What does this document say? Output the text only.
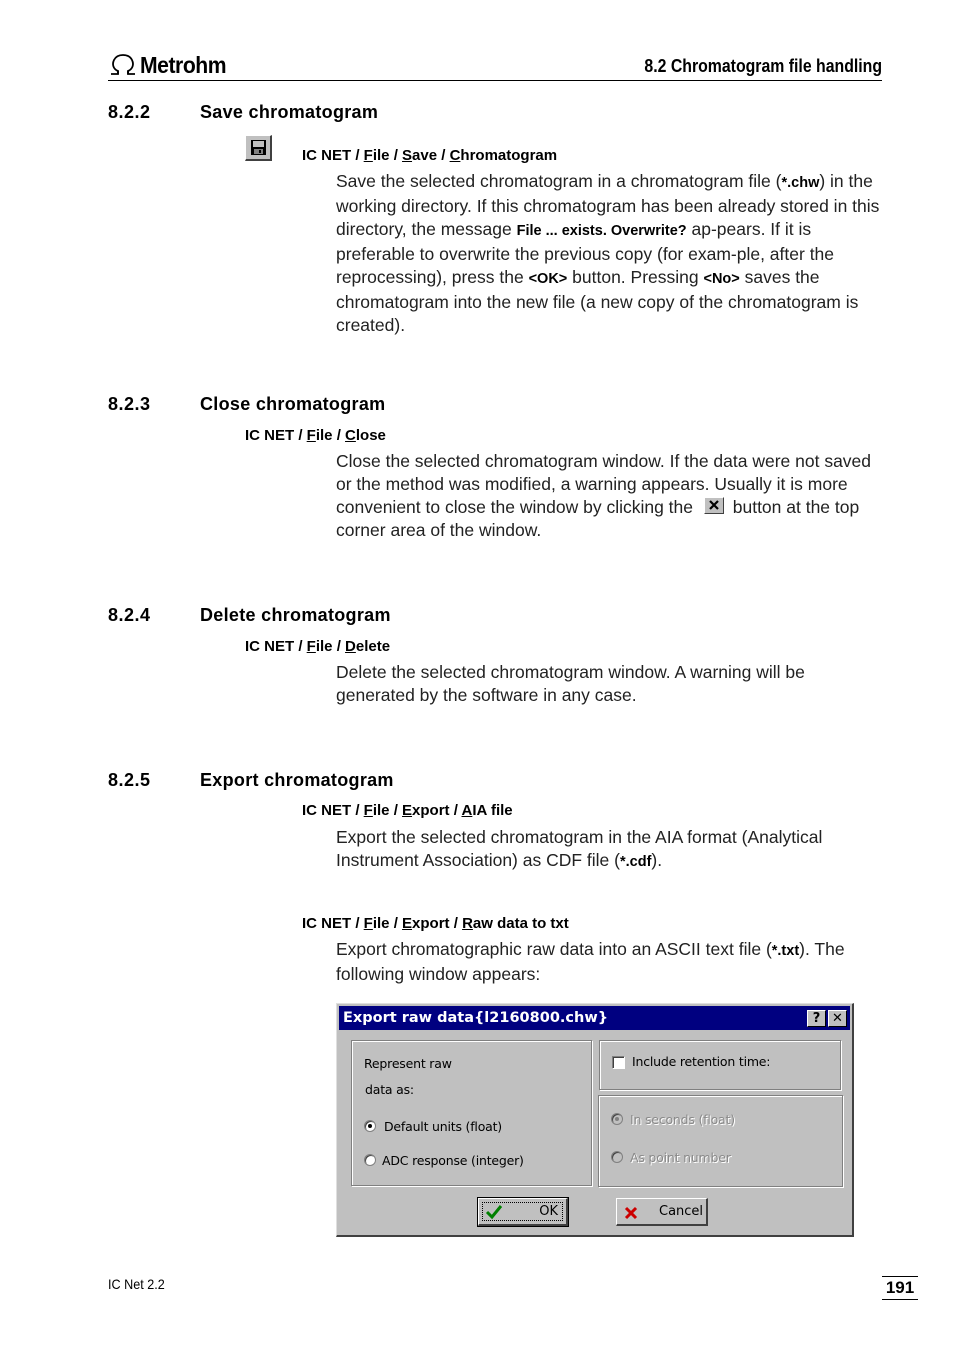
Metrohm	8.2 Chromatogram file handling
8.2.2	Save chromatogram
IC NET / File / Save / Chromatogram
Save the selected chromatogram in a chromatogram file (*.chw) in the working directory. If this chromatogram has been already stored in this directory, the message File ... exists. Overwrite? ap-pears. If it is preferable to overwrite the previous copy (for exam-ple, after the reprocessing), press the <OK> button. Pressing <No> saves the chromatogram into the new file (a new copy of the chromatogram is created).
8.2.3	Close chromatogram
IC NET / File / Close
Close the selected chromatogram window. If the data were not saved or the method was modified, a warning appears. Usually it is more convenient to close the window by clicking the
button at the top corner area of the window.
8.2.4	Delete chromatogram
IC NET / File / Delete
Delete the selected chromatogram window. A warning will be generated by the software in any case.
8.2.5	Export chromatogram
IC NET / File / Export / AIA file
Export the selected chromatogram in the AIA format (Analytical Instrument Association) as CDF file (*.cdf).
IC NET / File / Export / Raw data to txt
Export chromatographic raw data into an ASCII text file (*.txt). The following window appears:
Export raw data{l2160800.chw}	? ✕
Represent raw
data as:
Default units (float)
ADC response (integer)
Include retention time:
In seconds (float)
As point number
OK	Cancel
IC Net 2.2	191
